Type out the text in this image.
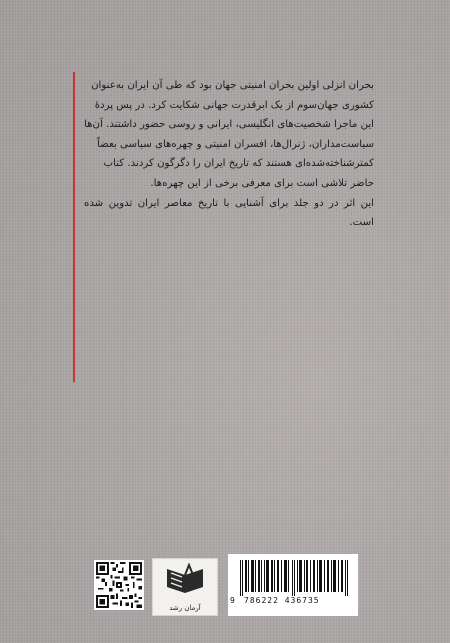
بحران انزلی اولین بحران امنیتی جهان بود که طی آن ایران به‌عنوان

کشوری جهان‌سوم از یک ابرقدرت جهانی شکایت کرد. در پس پردهٔ

این ماجرا شخصیت‌های انگلیسی، ایرانی و روسی حضور داشتند. آن‌ها

سیاست‌مداران، ژنرال‌ها، افسران امنیتی و چهره‌های سیاسی بعضاً

کمترشناخته‌شده‌ای هستند که تاریخ ایران را دگرگون کردند. کتاب

حاضر تلاشی است برای معرفی برخی از این چهره‌ها.

این اثر در دو جلد برای آشنایی با تاریخ معاصر ایران تدوین شده است.

آرمان رشد
9 786222 436735
